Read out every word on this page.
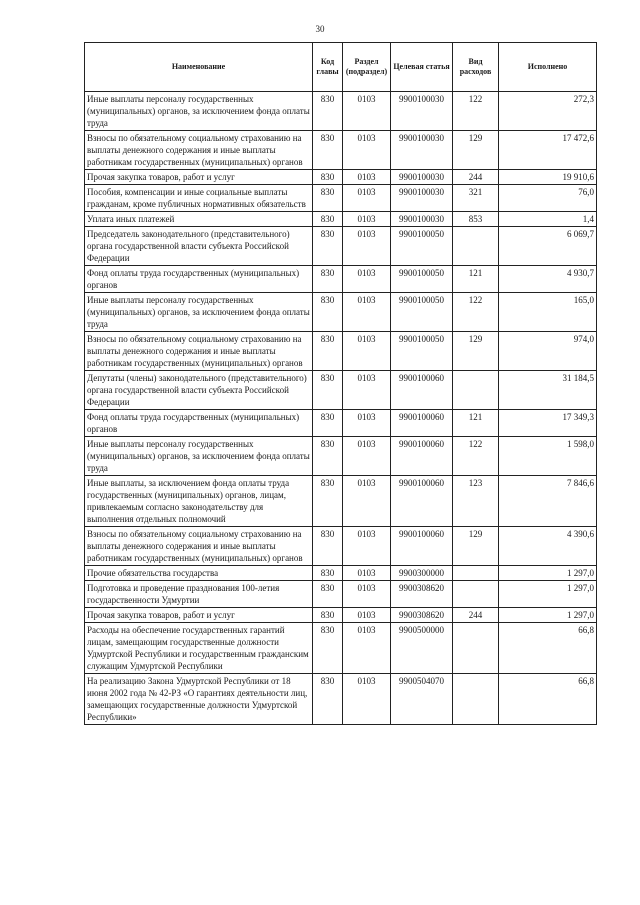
30
Наименование	Код главы	Раздел (подраздел)	Целевая статья	Вид расходов	Исполнено
Иные выплаты персоналу государственных (муниципальных) органов, за исключением фонда оплаты труда	830	0103	9900100030	122	272,3
Взносы по обязательному социальному страхованию на выплаты денежного содержания и иные выплаты работникам государственных (муниципальных) органов	830	0103	9900100030	129	17 472,6
Прочая закупка товаров, работ и услуг	830	0103	9900100030	244	19 910,6
Пособия, компенсации и иные социальные выплаты гражданам, кроме публичных нормативных обязательств	830	0103	9900100030	321	76,0
Уплата иных платежей	830	0103	9900100030	853	1,4
Председатель законодательного (представительного) органа государственной власти субъекта Российской Федерации	830	0103	9900100050		6 069,7
Фонд оплаты труда государственных (муниципальных) органов	830	0103	9900100050	121	4 930,7
Иные выплаты персоналу государственных (муниципальных) органов, за исключением фонда оплаты труда	830	0103	9900100050	122	165,0
Взносы по обязательному социальному страхованию на выплаты денежного содержания и иные выплаты работникам государственных (муниципальных) органов	830	0103	9900100050	129	974,0
Депутаты (члены) законодательного (представительного) органа государственной власти субъекта Российской Федерации	830	0103	9900100060		31 184,5
Фонд оплаты труда государственных (муниципальных) органов	830	0103	9900100060	121	17 349,3
Иные выплаты персоналу государственных (муниципальных) органов, за исключением фонда оплаты труда	830	0103	9900100060	122	1 598,0
Иные выплаты, за исключением фонда оплаты труда государственных (муниципальных) органов, лицам, привлекаемым согласно законодательству для выполнения отдельных полномочий	830	0103	9900100060	123	7 846,6
Взносы по обязательному социальному страхованию на выплаты денежного содержания и иные выплаты работникам государственных (муниципальных) органов	830	0103	9900100060	129	4 390,6
Прочие обязательства государства	830	0103	9900300000		1 297,0
Подготовка и проведение празднования 100-летия государственности Удмуртии	830	0103	9900308620		1 297,0
Прочая закупка товаров, работ и услуг	830	0103	9900308620	244	1 297,0
Расходы на обеспечение государственных гарантий лицам, замещающим государственные должности Удмуртской Республики и государственным гражданским служащим Удмуртской Республики	830	0103	9900500000		66,8
На реализацию Закона Удмуртской Республики от 18 июня 2002 года № 42-РЗ «О гарантиях деятельности лиц, замещающих государственные должности Удмуртской Республики»	830	0103	9900504070		66,8
